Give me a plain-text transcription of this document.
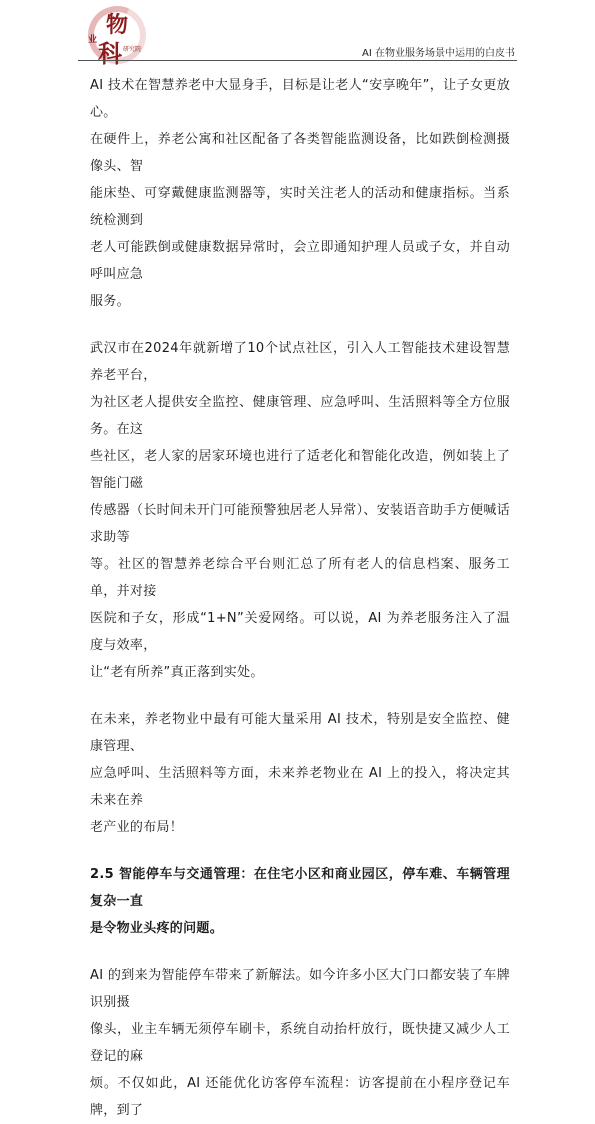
物
业 科 研究院	AI 在物业服务场景中运用的白皮书
AI 技术在智慧养老中大显身手，目标是让老人“安享晚年”，让子女更放心。
在硬件上，养老公寓和社区配备了各类智能监测设备，比如跌倒检测摄像头、智
能床垫、可穿戴健康监测器等，实时关注老人的活动和健康指标。当系统检测到
老人可能跌倒或健康数据异常时，会立即通知护理人员或子女，并自动呼叫应急
服务。
武汉市在2024年就新增了10个试点社区，引入人工智能技术建设智慧养老平台，
为社区老人提供安全监控、健康管理、应急呼叫、生活照料等全方位服务。在这
些社区，老人家的居家环境也进行了适老化和智能化改造，例如装上了智能门磁
传感器（长时间未开门可能预警独居老人异常）、安装语音助手方便喊话求助等
等。社区的智慧养老综合平台则汇总了所有老人的信息档案、服务工单，并对接
医院和子女，形成“1+N”关爱网络。可以说，AI 为养老服务注入了温度与效率，
让“老有所养”真正落到实处。
在未来，养老物业中最有可能大量采用 AI 技术，特别是安全监控、健康管理、
应急呼叫、生活照料等方面，未来养老物业在 AI 上的投入，将决定其未来在养
老产业的布局！
2.5 智能停车与交通管理：在住宅小区和商业园区，停车难、车辆管理复杂一直
是令物业头疼的问题。
AI 的到来为智能停车带来了新解法。如今许多小区大门口都安装了车牌识别摄
像头，业主车辆无须停车刷卡，系统自动抬杆放行，既快捷又减少人工登记的麻
烦。不仅如此，AI 还能优化访客停车流程：访客提前在小程序登记车牌，到了
